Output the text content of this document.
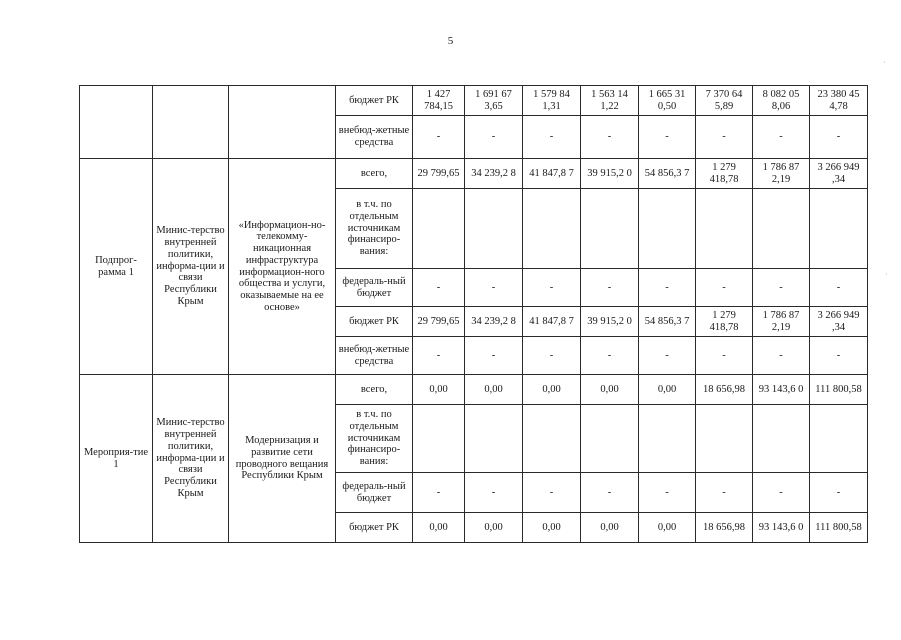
5
			бюджет РК	1 427 784,15	1 691 67 3,65	1 579 84 1,31	1 563 14 1,22	1 665 31 0,50	7 370 64 5,89	8 082 05 8,06	23 380 45 4,78
			внебюд-жетные средства	-	-	-	-	-	-	-	-
Подпрог-рамма 1	Минис-терство внутренней политики, информа-ции и связи Республики Крым	«Информацион-но-телекомму-никационная инфраструктура информацион-ного общества и услуги, оказываемые на ее основе»	всего,	29 799,65	34 239,2 8	41 847,8 7	39 915,2 0	54 856,3 7	1 279 418,78	1 786 87 2,19	3 266 949 ,34
			в т.ч. по отдельным источникам финансиро-вания:								
			федераль-ный бюджет	-	-	-	-	-	-	-	-
			бюджет РК	29 799,65	34 239,2 8	41 847,8 7	39 915,2 0	54 856,3 7	1 279 418,78	1 786 87 2,19	3 266 949 ,34
			внебюд-жетные средства	-	-	-	-	-	-	-	-
Мероприя-тие 1	Минис-терство внутренней политики, информа-ции и связи Республики Крым	Модернизация и развитие сети проводного вещания Республики Крым	всего,	0,00	0,00	0,00	0,00	0,00	18 656,98	93 143,6 0	111 800,58
			в т.ч. по отдельным источникам финансиро-вания:								
			федераль-ный бюджет	-	-	-	-	-	-	-	-
			бюджет РК	0,00	0,00	0,00	0,00	0,00	18 656,98	93 143,6 0	111 800,58
·
·
